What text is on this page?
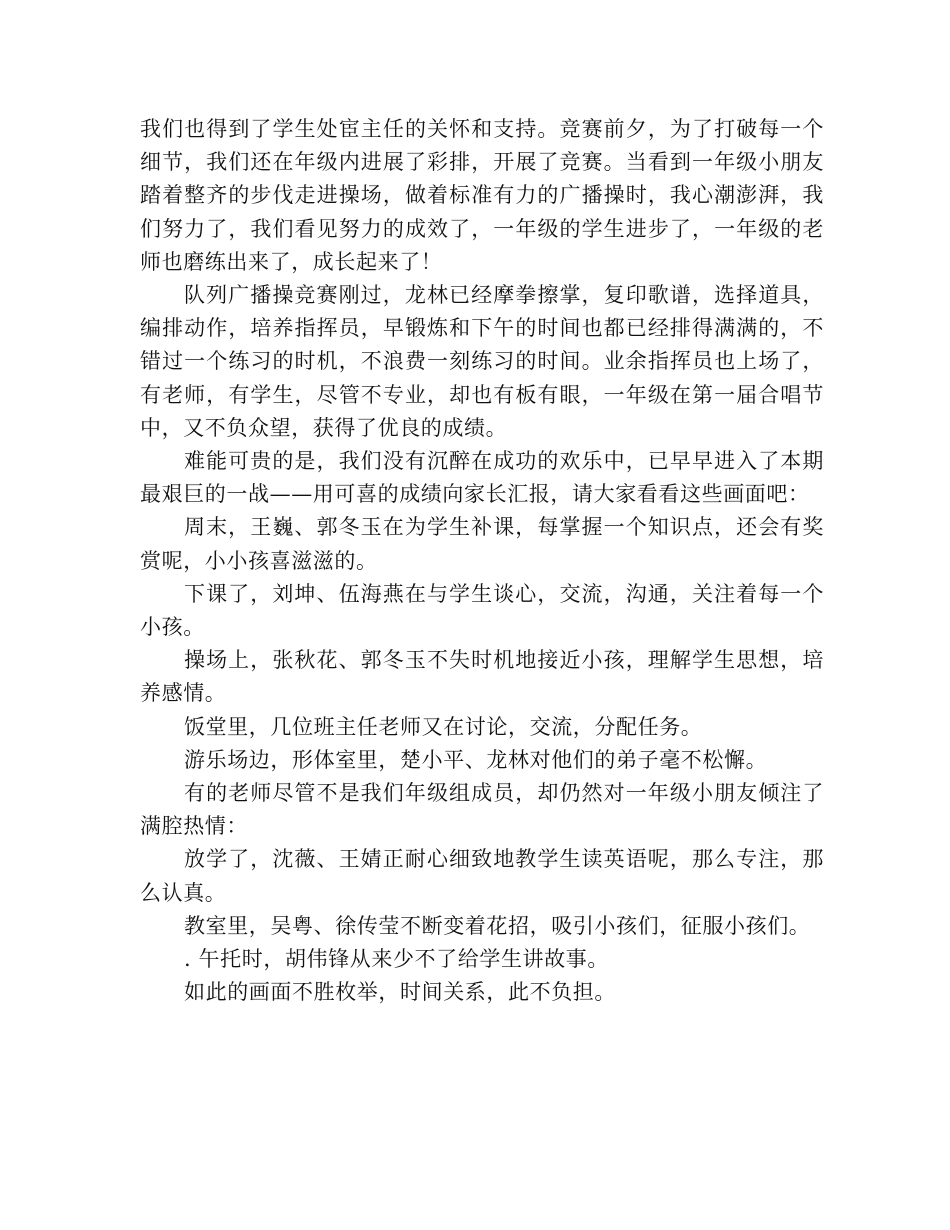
我们也得到了学生处宦主任的关怀和支持。竞赛前夕，为了打破每一个细节，我们还在年级内进展了彩排，开展了竞赛。当看到一年级小朋友踏着整齐的步伐走进操场，做着标准有力的广播操时，我心潮澎湃，我们努力了，我们看见努力的成效了，一年级的学生进步了，一年级的老师也磨练出来了，成长起来了！

队列广播操竞赛刚过，龙林已经摩拳擦掌，复印歌谱，选择道具，编排动作，培养指挥员，早锻炼和下午的时间也都已经排得满满的，不错过一个练习的时机，不浪费一刻练习的时间。业余指挥员也上场了，有老师，有学生，尽管不专业，却也有板有眼，一年级在第一届合唱节中，又不负众望，获得了优良的成绩。

难能可贵的是，我们没有沉醉在成功的欢乐中，已早早进入了本期最艰巨的一战——用可喜的成绩向家长汇报，请大家看看这些画面吧：

周末，王巍、郭冬玉在为学生补课，每掌握一个知识点，还会有奖赏呢，小小孩喜滋滋的。

下课了，刘坤、伍海燕在与学生谈心，交流，沟通，关注着每一个小孩。

操场上，张秋花、郭冬玉不失时机地接近小孩，理解学生思想，培养感情。

饭堂里，几位班主任老师又在讨论，交流，分配任务。

游乐场边，形体室里，楚小平、龙林对他们的弟子毫不松懈。

有的老师尽管不是我们年级组成员，却仍然对一年级小朋友倾注了满腔热情：

放学了，沈薇、王婧正耐心细致地教学生读英语呢，那么专注，那么认真。

教室里，吴粤、徐传莹不断变着花招，吸引小孩们，征服小孩们。

. 午托时，胡伟锋从来少不了给学生讲故事。

如此的画面不胜枚举，时间关系，此不负担。
